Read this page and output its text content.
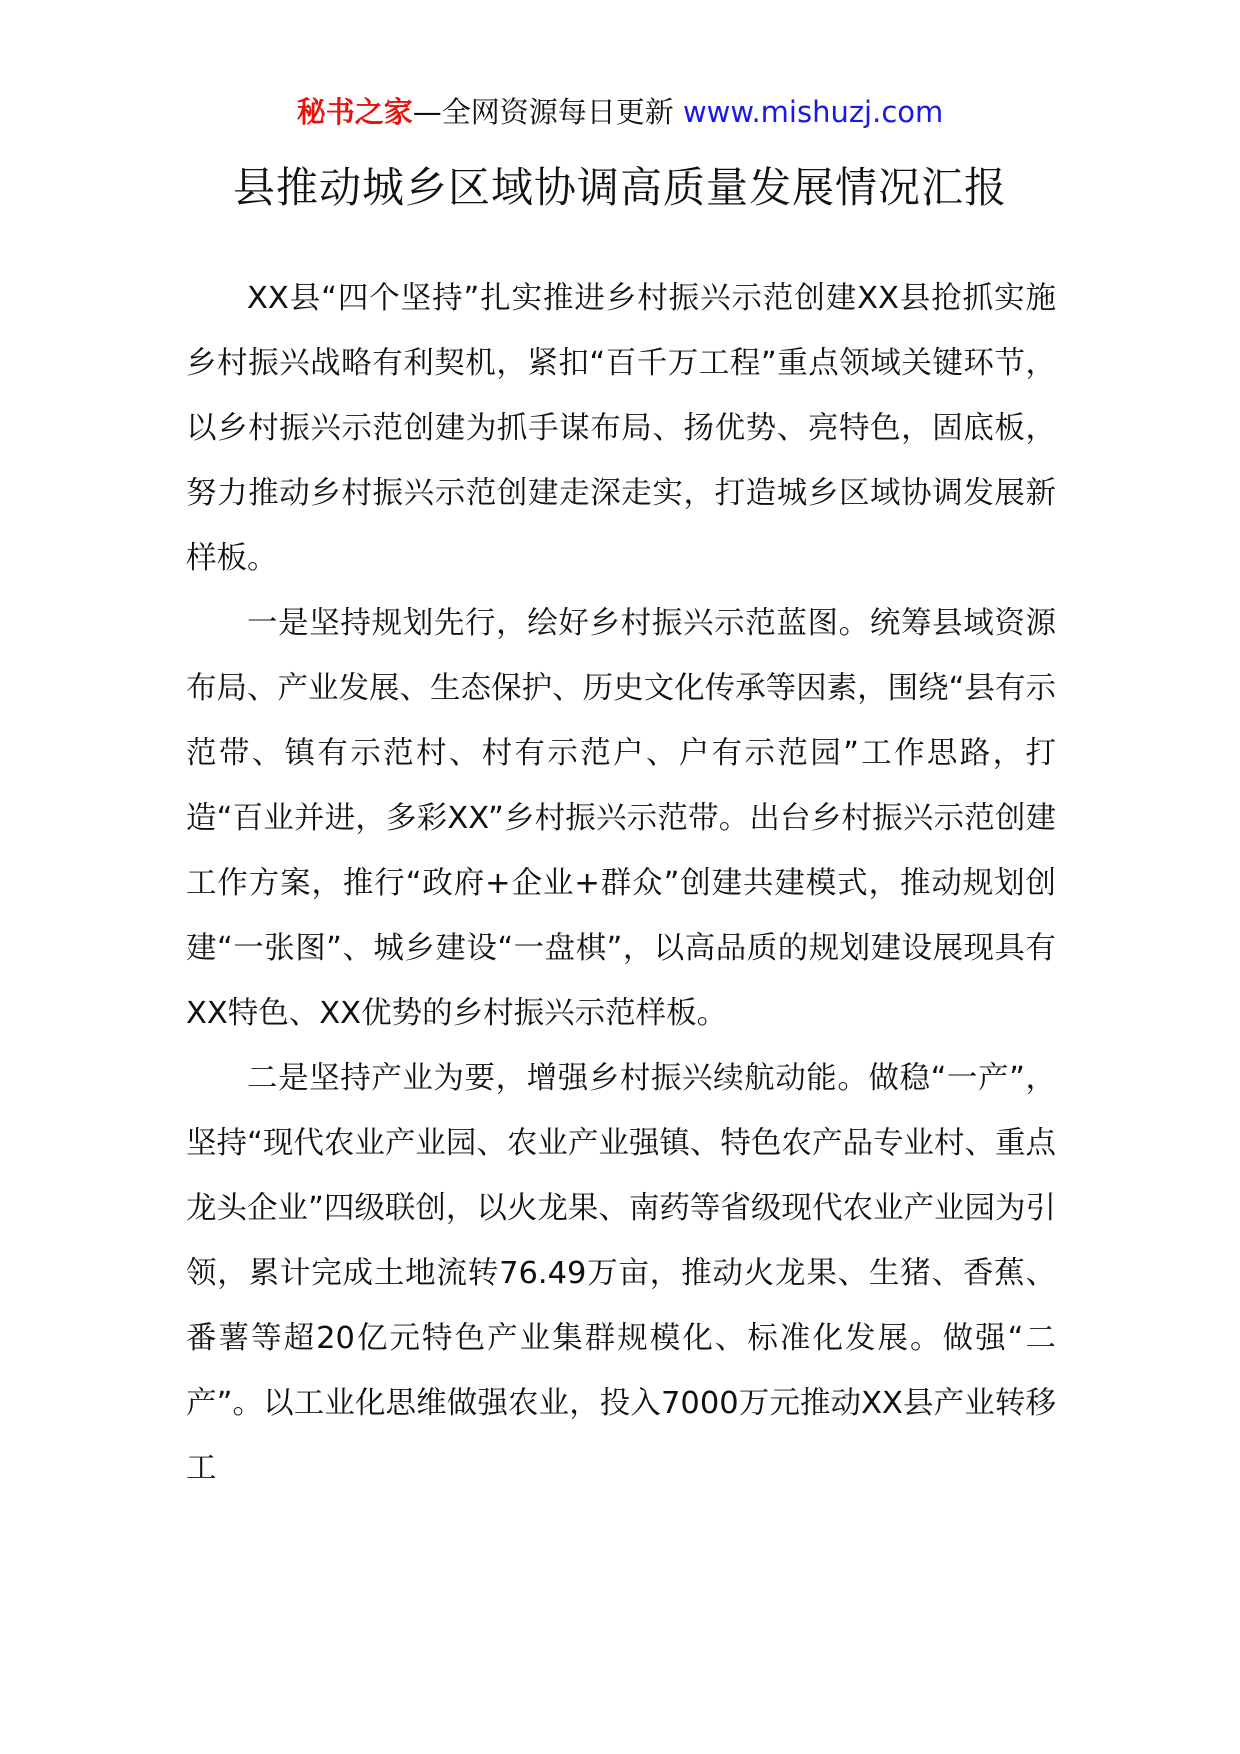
秘书之家—全网资源每日更新 www.mishuzj.com
县推动城乡区域协调高质量发展情况汇报

XX县“四个坚持”扎实推进乡村振兴示范创建XX县抢抓实施乡村振兴战略有利契机，紧扣“百千万工程”重点领域关键环节，以乡村振兴示范创建为抓手谋布局、扬优势、亮特色，固底板，努力推动乡村振兴示范创建走深走实，打造城乡区域协调发展新样板。

一是坚持规划先行，绘好乡村振兴示范蓝图。统筹县域资源布局、产业发展、生态保护、历史文化传承等因素，围绕“县有示范带、镇有示范村、村有示范户、户有示范园”工作思路，打造“百业并进，多彩XX”乡村振兴示范带。出台乡村振兴示范创建工作方案，推行“政府+企业+群众”创建共建模式，推动规划创建“一张图”、城乡建设“一盘棋”，以高品质的规划建设展现具有XX特色、XX优势的乡村振兴示范样板。

二是坚持产业为要，增强乡村振兴续航动能。做稳“一产”，坚持“现代农业产业园、农业产业强镇、特色农产品专业村、重点龙头企业”四级联创，以火龙果、南药等省级现代农业产业园为引领，累计完成土地流转76.49万亩，推动火龙果、生猪、香蕉、番薯等超20亿元特色产业集群规模化、标准化发展。做强“二产”。以工业化思维做强农业，投入7000万元推动XX县产业转移工
